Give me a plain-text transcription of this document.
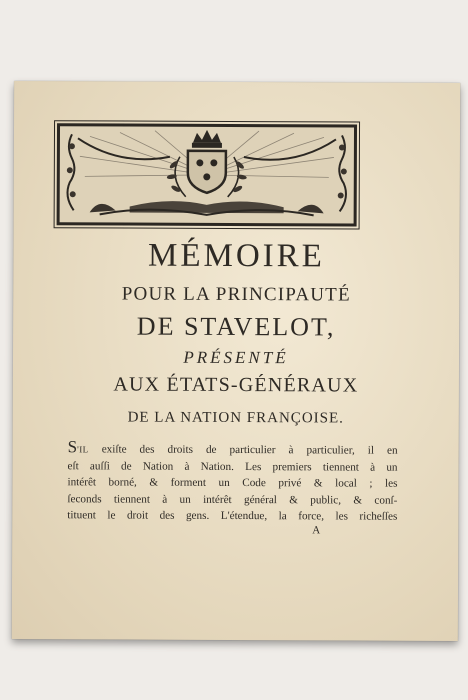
MÉMOIRE
POUR LA PRINCIPAUTÉ
DE STAVELOT,
PRÉSENTÉ
AUX ÉTATS-GÉNÉRAUX
DE LA NATION FRANÇOISE.
S'IL exiſte des droits de particulier à particulier, il en
eſt auſſi de Nation à Nation. Les premiers tiennent à un
intérêt borné, & forment un Code privé & local ; les
ſeconds tiennent à un intérêt général & public, & conſ-
tituent le droit des gens. L'étendue, la force, les richeſſes
A
